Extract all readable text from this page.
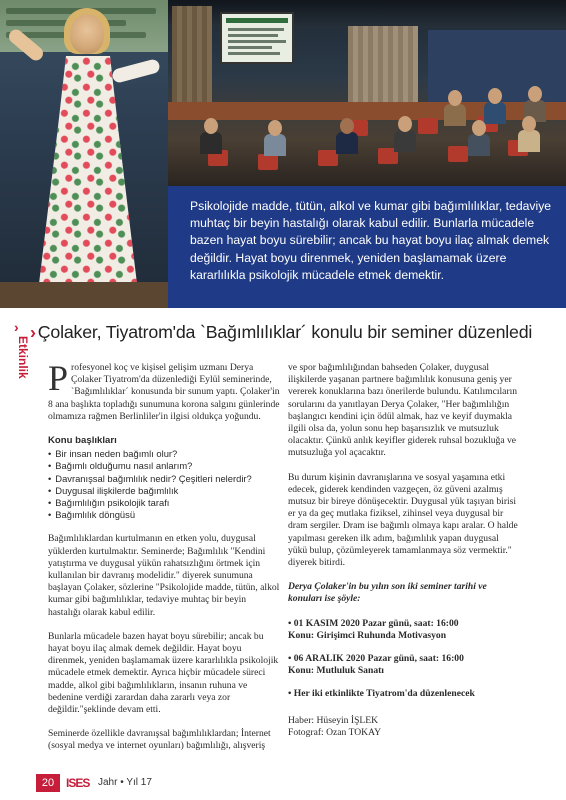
Psikolojide madde, tütün, alkol ve kumar gibi bağımlılıklar, tedaviye muhtaç bir beyin hastalığı olarak kabul edilir. Bunlarla mücadele bazen hayat boyu sürebilir; ancak bu hayat boyu ilaç almak demek değildir. Hayat boyu direnmek, yeniden başlamamak üzere kararlılıkla psikolojik mücadele etmek demektir.

›
Etkinlik
› Çolaker, Tiyatrom'da `Bağımlılıklar´ konulu bir seminer düzenledi

Profesyonel koç ve kişisel gelişim uzmanı Derya Çolaker Tiyatrom'da düzenlediği Eylül seminerinde, `Bağımlılıklar´ konusunda bir sunum yaptı. Çolaker'in 8 ana başlıkta topladığı sunumuna korona salgını günlerinde olmamıza rağmen Berlinliler'in ilgisi oldukça yoğundu.

Konu başlıkları
• Bir insan neden bağımlı olur?
• Bağımlı olduğumu nasıl anlarım?
• Davranışsal bağımlılık nedir? Çeşitleri nelerdir?
• Duygusal ilişkilerde bağımlılık
• Bağımlılığın psikolojik tarafı
• Bağımlılık döngüsü

Bağımlılıklardan kurtulmanın en etken yolu, duygusal yüklerden kurtulmaktır. Seminerde; Bağımlılık "Kendini yatıştırma ve duygusal yükün rahatsızlığını örtmek için kullanılan bir davranış modelidir." diyerek sunumuna başlayan Çolaker, sözlerine "Psikolojide madde, tütün, alkol kumar gibi bağımlılıklar, tedaviye muhtaç bir beyin hastalığı olarak kabul edilir.

Bunlarla mücadele bazen hayat boyu sürebilir; ancak bu hayat boyu ilaç almak demek değildir. Hayat boyu direnmek, yeniden başlamamak üzere kararlılıkla psikolojik mücadele etmek demektir. Ayrıca hiçbir mücadele süreci madde, alkol gibi bağımlılıkların, insanın ruhuna ve bedenine verdiği zarardan daha zararlı veya zor değildir."şeklinde devam etti.

Seminerde özellikle davranışsal bağımlılıklardan; İnternet (sosyal medya ve internet oyunları) bağımlılığı, alışveriş

ve spor bağımlılığından bahseden Çolaker, duygusal ilişkilerde yaşanan partnere bağımlılık konusuna geniş yer vererek konuklarına bazı önerilerde bulundu. Katılımcıların sorularını da yanıtlayan Derya Çolaker, "Her bağımlılığın başlangıcı kendini için ödül almak, haz ve keyif duymakla ilgili olsa da, yolun sonu hep başarısızlık ve mutsuzluk olacaktır. Çünkü anlık keyifler giderek ruhsal bozukluğa ve mutsuzluğa yol açacaktır.

Bu durum kişinin davranışlarına ve sosyal yaşamına etki edecek, giderek kendinden vazgeçen, öz güveni azalmış mutsuz bir bireye dönüşecektir. Duygusal yük taşıyan birisi er ya da geç mutlaka fiziksel, zihinsel veya duygusal bir dram sergiler. Dram ise bağımlı olmaya kapı aralar. O halde yapılması gereken ilk adım, bağımlılık yapan duygusal yükü bulup, çözümleyerek tamamlanmaya söz vermektir." diyerek bitirdi.

Derya Çolaker'in bu yılın son iki seminer tarihi ve konuları ise şöyle:

• 01 KASIM 2020 Pazar günü, saat: 16:00
Konu: Girişimci Ruhunda Motivasyon
• 06 ARALIK 2020 Pazar günü, saat: 16:00
Konu: Mutluluk Sanatı
• Her iki etkinlikte Tiyatrom'da düzenlenecek
Haber: Hüseyin İŞLEK
Fotograf: Ozan TOKAY
20 ISES Jahr • Yıl 17
